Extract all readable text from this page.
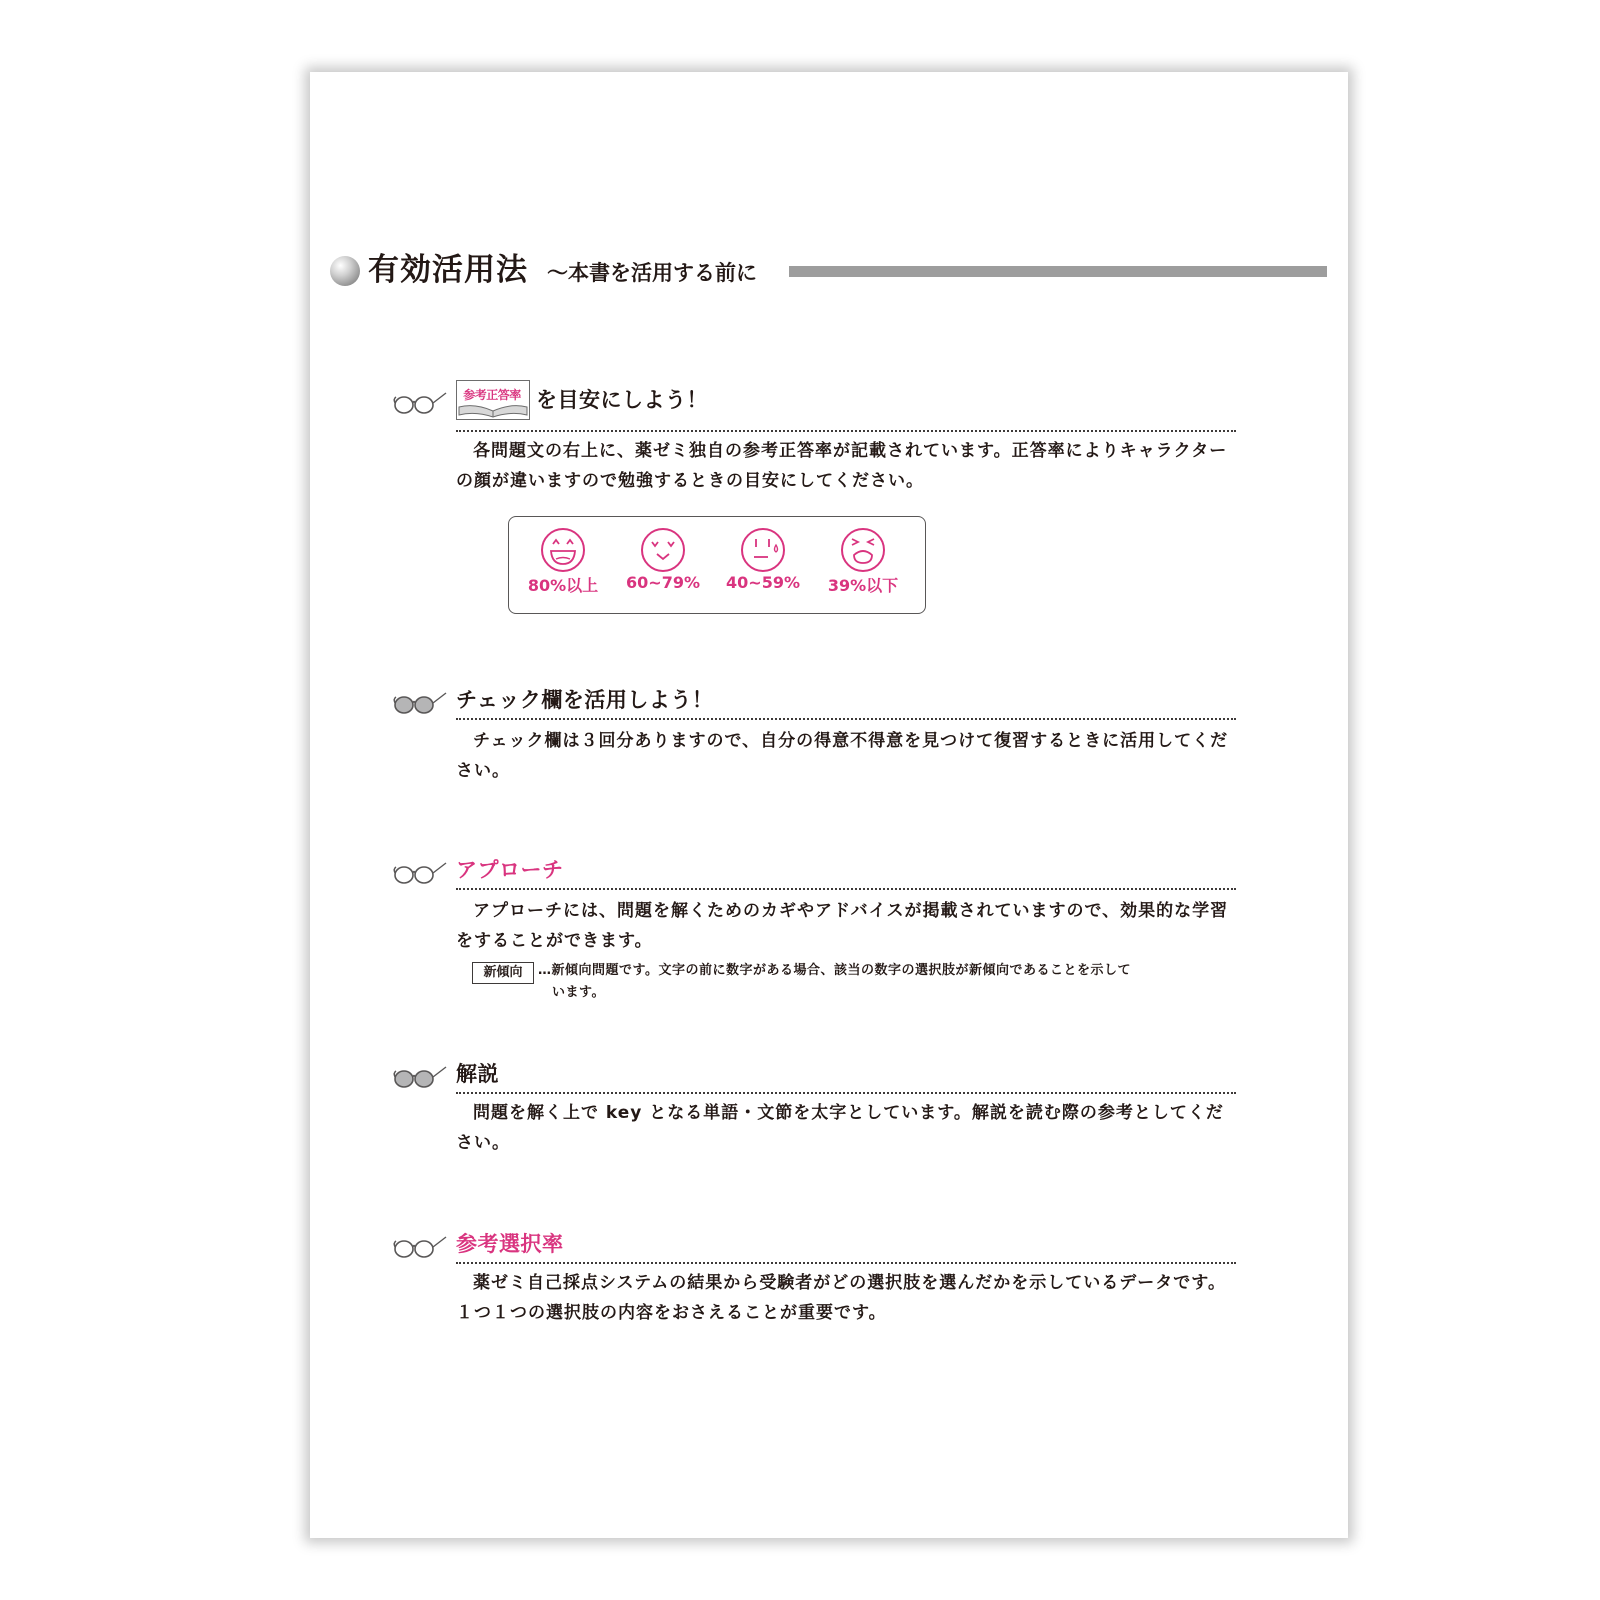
有効活用法 ～本書を活用する前に
参考正答率 を目安にしよう！
各問題文の右上に、薬ゼミ独自の参考正答率が記載されています。正答率によりキャラクターの顔が違いますので勉強するときの目安にしてください。
80%以上	60~79%	40~59%	39%以下
チェック欄を活用しよう！
チェック欄は３回分ありますので、自分の得意不得意を見つけて復習するときに活用してください。
アプローチ
アプローチには、問題を解くためのカギやアドバイスが掲載されていますので、効果的な学習をすることができます。
新傾向	…新傾向問題です。文字の前に数字がある場合、該当の数字の選択肢が新傾向であることを示して
います。
解説
問題を解く上で key となる単語・文節を太字としています。解説を読む際の参考としてください。
参考選択率
薬ゼミ自己採点システムの結果から受験者がどの選択肢を選んだかを示しているデータです。１つ１つの選択肢の内容をおさえることが重要です。
